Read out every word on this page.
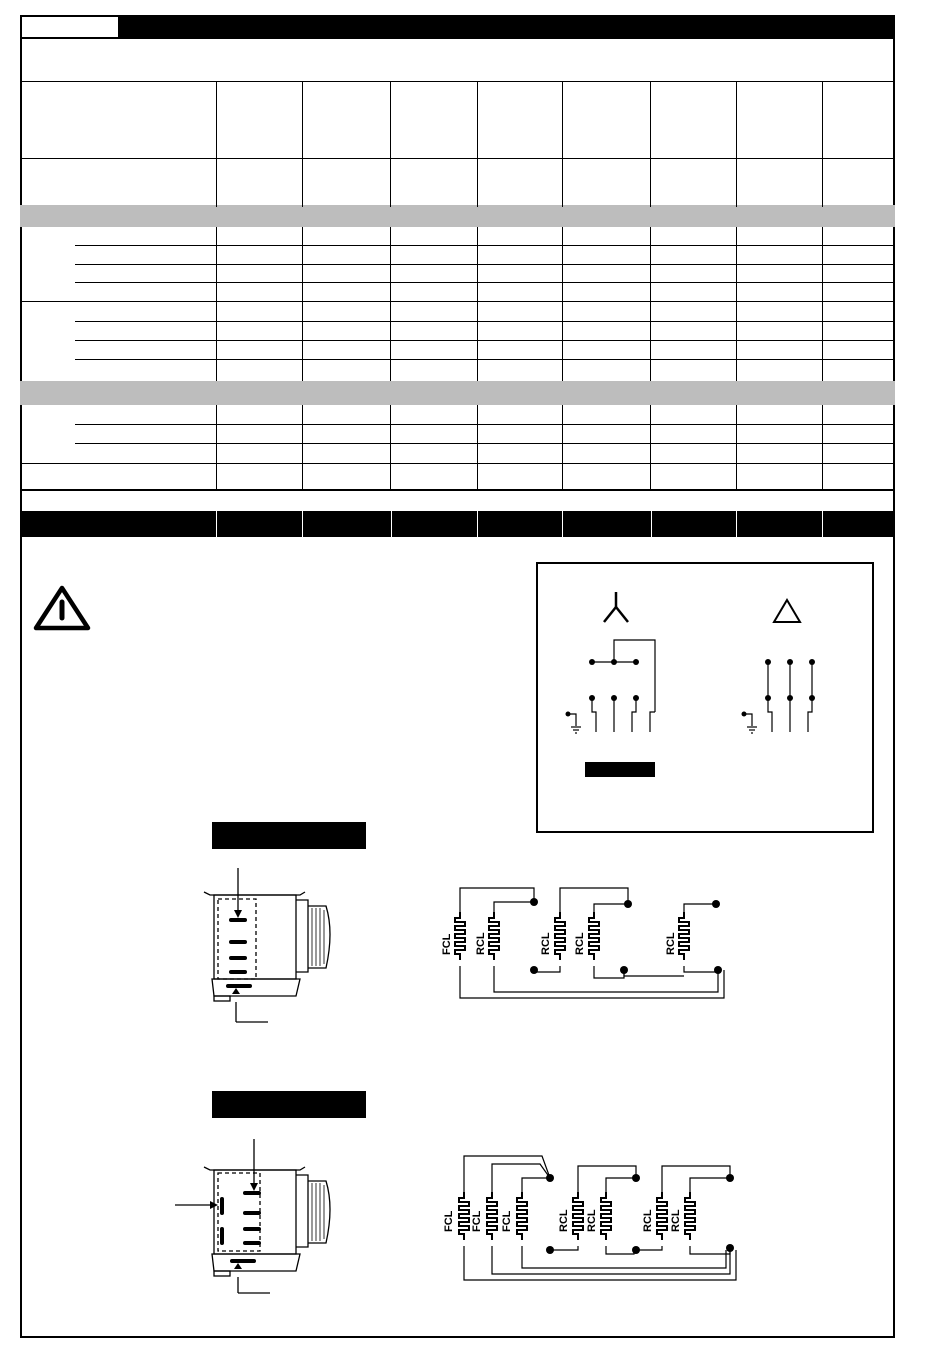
FCL RCL	RCL RCL	RCL
FCL FCL FCL	RCL RCL	RCL RCL
